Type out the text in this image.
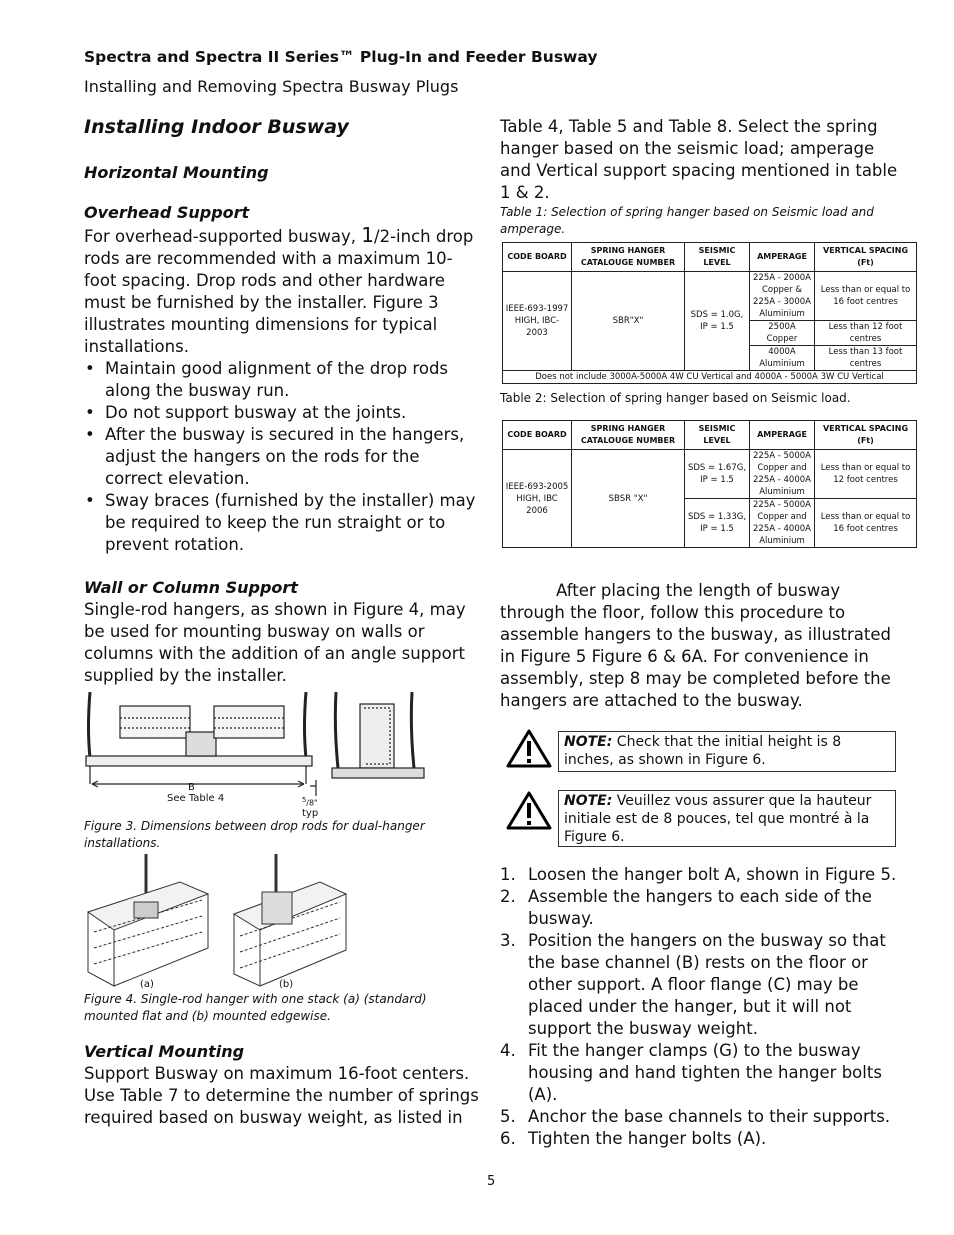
Spectra and Spectra II Series™ Plug-In and Feeder Busway
Installing and Removing Spectra Busway Plugs
Installing Indoor Busway
Horizontal Mounting
Overhead Support

For overhead-supported busway, 1/2-inch drop rods are recommended with a maximum 10-foot spacing. Drop rods and other hardware must be furnished by the installer. Figure 3 illustrates mounting dimensions for typical installations.

• Maintain good alignment of the drop rods along the busway run.
• Do not support busway at the joints.
• After the busway is secured in the hangers, adjust the hangers on the rods for the correct elevation.
• Sway braces (furnished by the installer) may be required to keep the run straight or to prevent rotation.
Wall or Column Support

Single-rod hangers, as shown in Figure 4, may be used for mounting busway on walls or columns with the addition of an angle support supplied by the installer.

B
See Table 4	$^5$/8"
typ
Figure 3. Dimensions between drop rods for dual-hanger installations.
(a)	(b)
Figure 4. Single-rod hanger with one stack (a) (standard) mounted flat and (b) mounted edgewise.
Vertical Mounting

Support Busway on maximum 16-foot centers. Use Table 7 to determine the number of springs required based on busway weight, as listed in

Table 4, Table 5 and Table 8. Select the spring hanger based on the seismic load; amperage and Vertical support spacing mentioned in table 1 & 2.

Table 1: Selection of spring hanger based on Seismic load and amperage.
CODE BOARD	SPRING HANGER CATALOUGE NUMBER	SEISMIC LEVEL	AMPERAGE	VERTICAL SPACING (Ft)
IEEE-693-1997 HIGH, IBC-2003	SBR"X"	SDS = 1.0G, IP = 1.5	225A - 2000A Copper & 225A - 3000A Aluminium	Less than or equal to 16 foot centres
			2500A Copper	Less than 12 foot centres
			4000A Aluminium	Less than 13 foot centres
Does not include 3000A-5000A 4W CU Vertical and 4000A - 5000A 3W CU Vertical				
Table 2: Selection of spring hanger based on Seismic load.
CODE BOARD	SPRING HANGER CATALOUGE NUMBER	SEISMIC LEVEL	AMPERAGE	VERTICAL SPACING (Ft)
IEEE-693-2005 HIGH, IBC 2006	SBSR "X"	SDS = 1.67G, IP = 1.5	225A - 5000A Copper and 225A - 4000A Aluminium	Less than or equal to 12 foot centres
		SDS = 1.33G, IP = 1.5	225A - 5000A Copper and 225A - 4000A Aluminium	Less than or equal to 16 foot centres

After placing the length of busway through the floor, follow this procedure to assemble hangers to the busway, as illustrated in Figure 5 Figure 6 & 6A. For convenience in assembly, step 8 may be completed before the hangers are attached to the busway.

NOTE: Check that the initial height is 8 inches, as shown in Figure 6.
NOTE: Veuillez vous assurer que la hauteur initiale est de 8 pouces, tel que montré à la Figure 6.
1. Loosen the hanger bolt A, shown in Figure 5.
2. Assemble the hangers to each side of the busway.
3. Position the hangers on the busway so that the base channel (B) rests on the floor or other support. A floor flange (C) may be placed under the hanger, but it will not support the busway weight.
4. Fit the hanger clamps (G) to the busway housing and hand tighten the hanger bolts (A).
5. Anchor the base channels to their supports.
6. Tighten the hanger bolts (A).
5
